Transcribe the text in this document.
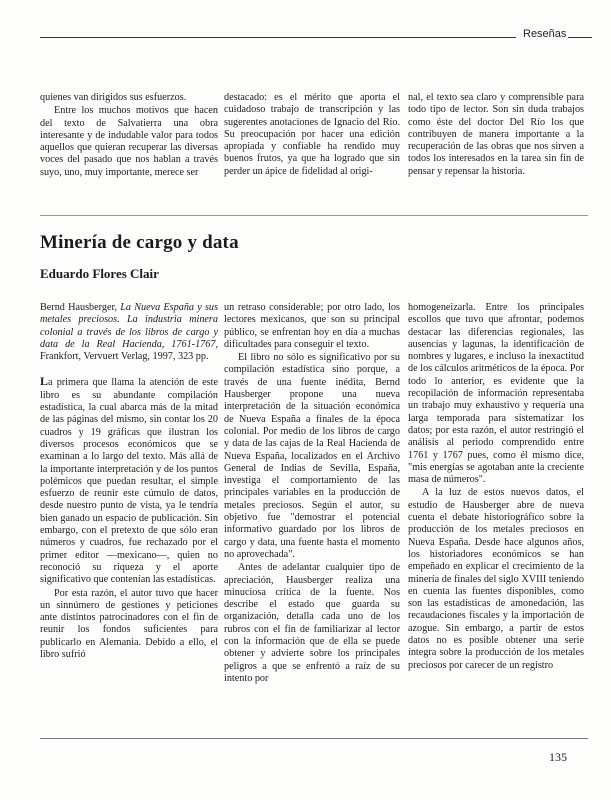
Reseñas

quienes van dirigidos sus esfuerzos.

Entre los muchos motivos que hacen del texto de Salvatierra una obra interesante y de indudable valor para todos aquellos que quieran recuperar las diversas voces del pasado que nos hablan a través suyo, uno, muy importante, merece ser

destacado: es el mérito que aporta el cuidadoso trabajo de transcripción y las sugerentes anotaciones de Ignacio del Río. Su preocupación por hacer una edición apropiada y confiable ha rendido muy buenos frutos, ya que ha logrado que sin perder un ápice de fidelidad al origi-

nal, el texto sea claro y comprensible para todo tipo de lector. Son sin duda trabajos como éste del doctor Del Río los que contribuyen de manera importante a la recuperación de las obras que nos sirven a todos los interesados en la tarea sin fin de pensar y repensar la historia.

Minería de cargo y data
Eduardo Flores Clair

Bernd Hausberger, La Nueva España y sus metales preciosos. La industria minera colonial a través de los libros de cargo y data de la Real Hacienda, 1761-1767, Frankfort, Vervuert Verlag, 1997, 323 pp.

La primera que llama la atención de este libro es su abundante compilación estadística, la cual abarca más de la mitad de las páginas del mismo, sin contar los 20 cuadros y 19 gráficas que ilustran los diversos procesos económicos que se examinan a lo largo del texto. Más allá de la importante interpretación y de los puntos polémicos que puedan resultar, el simple esfuerzo de reunir este cúmulo de datos, desde nuestro punto de vista, ya le tendría bien ganado un espacio de publicación. Sin embargo, con el pretexto de que sólo eran números y cuadros, fue rechazado por el primer editor —mexicano—, quien no reconoció su riqueza y el aporte significativo que contenían las estadísticas.

Por esta razón, el autor tuvo que hacer un sinnúmero de gestiones y peticiones ante distintos patrocinadores con el fin de reunir los fondos suficientes para publicarlo en Alemania. Debido a ello, el libro sufrió

un retraso considerable; por otro lado, los lectores mexicanos, que son su principal público, se enfrentan hoy en día a muchas dificultades para conseguir el texto.

El libro no sólo es significativo por su compilación estadística sino porque, a través de una fuente inédita, Bernd Hausberger propone una nueva interpretación de la situación económica de Nueva España a finales de la época colonial. Por medio de los libros de cargo y data de las cajas de la Real Hacienda de Nueva España, localizados en el Archivo General de Indias de Sevilla, España, investiga el comportamiento de las principales variables en la producción de metales preciosos. Según el autor, su objetivo fue "demostrar el potencial informativo guardado por los libros de cargo y data, una fuente hasta el momento no aprovechada".

Antes de adelantar cualquier tipo de apreciación, Hausberger realiza una minuciosa crítica de la fuente. Nos describe el estado que guarda su organización, detalla cada uno de los rubros con el fin de familiarizar al lector con la información que de ella se puede obtener y advierte sobre los principales peligros a que se enfrentó a raíz de su intento por

homogeneizarla. Entre los principales escollos que tuvo que afrontar, podemos destacar las diferencias regionales, las ausencias y lagunas, la identificación de nombres y lugares, e incluso la inexactitud de los cálculos aritméticos de la época. Por todo lo anterior, es evidente que la recopilación de información representaba un trabajo muy exhaustivo y requería una larga temporada para sistematizar los datos; por esta razón, el autor restringió el análisis al periodo comprendido entre 1761 y 1767 pues, como él mismo dice, "mis energías se agotaban ante la creciente masa de números".

A la luz de estos nuevos datos, el estudio de Hausberger abre de nueva cuenta el debate historiográfico sobre la producción de los metales preciosos en Nueva España. Desde hace algunos años, los historiadores económicos se han empeñado en explicar el crecimiento de la minería de finales del siglo XVIII teniendo en cuenta las fuentes disponibles, como son las estadísticas de amonedación, las recaudaciones fiscales y la importación de azogue. Sin embargo, a partir de estos datos no es posible obtener una serie íntegra sobre la producción de los metales preciosos por carecer de un registro

135
